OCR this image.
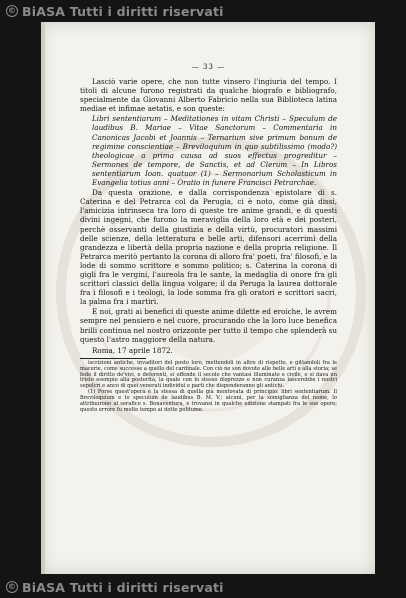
© BiASA Tutti i diritti riservati
— 33 —

Lasciò varie opere, che non tutte vinsero l'ingiuria del tempo. I titoli di alcune furono registrati da qualche biografo e bibliografo, specialmente da Giovanni Alberto Fabricio nella sua Biblioteca latina mediae et infimae aetatis, e son queste:

Libri sententiarum – Meditationes in vitam Christi – Speculum de laudibus B. Mariae – Vitae Sanctorum – Commentaria in Canonicas Jacobi et Joannis – Ternarium sive primum bonum de regimine conscientiae – Breviloquium in quo subtilissimo (modo?) theologicae a prima causa ad suos effectus progreditur – Sermones de tempore, de Sanctis, et ad Clerum – In Libros sententiarum Ioan. quatuor (1) – Sermonarium Scholasticum in Evangelia totius anni – Oratio in funere Francisci Petrarchae.

Da questa orazione, e dalla corrispondenza epistolare di s. Caterina e del Petrarca col da Perugia, ci è noto, come già dissi, l'amicizia intrinseca tra loro di queste tre anime grandi, e di questi divini ingegni, che furono la meraviglia della loro età e dei posteri, perchè osservanti della giustizia e della virtù, procuratori massimi delle scienze, della letteratura e belle arti, difensori acerrimi della grandezza e libertà della propria nazione e della propria religione. Il Petrarca meritò pertanto la corona di alloro fra' poeti, fra' filosofi, e la lode di sommo scrittore e sommo politico; s. Caterina la corona di gigli fra le vergini, l'aureola fra le sante, la medaglia di onore fra gli scrittori classici della lingua volgare; il da Peruga la laurea dottorale fra i filosofi e i teologi, la lode somma fra gli oratori e scrittori sacri, la palma fra i martiri.

E noi, grati ai benefici di queste anime dilette ed eroiche, le avrem sempre nel pensiero e nel cuore, procurando che la loro luce benefica brilli continua nel nostro orizzonte per tutto il tempo che splenderà su questo l'astro maggiore della natura.

Roma, 17 aprile 1872.

iscrizioni antiche, invaditori del posto loro, mettendoli in altro di rispetto, e gittandoli fra le macerie, come successe a quello del cardinale. Con ciò ne son dovute alle belle arti e alla storia; se fede il diritto de'vivi, e deferenti, si offende il secolo che vantasi illuminato e civile, e si dava un tristo esempio alla posterità, la quale con lo stesso disprezzo e non curanza lascerebbe i nostri sepolcri e anco di quei venerati individui e parti che dispenderanno gli antichi.

(1) Forse quest'opera è la stessa di quella già mentovata di principio: libri sententiarum. Il Breviloquium e lo speculum de laudibus B. M. V.; alcuni, per la somiglianza del nome, lo attribuirono al serafico s. Bonaventura, e trovansi in qualche edizione stampati fra le sue opere; questo errore fu molto tempo ai dotte politume.

© BiASA Tutti i diritti riservati
